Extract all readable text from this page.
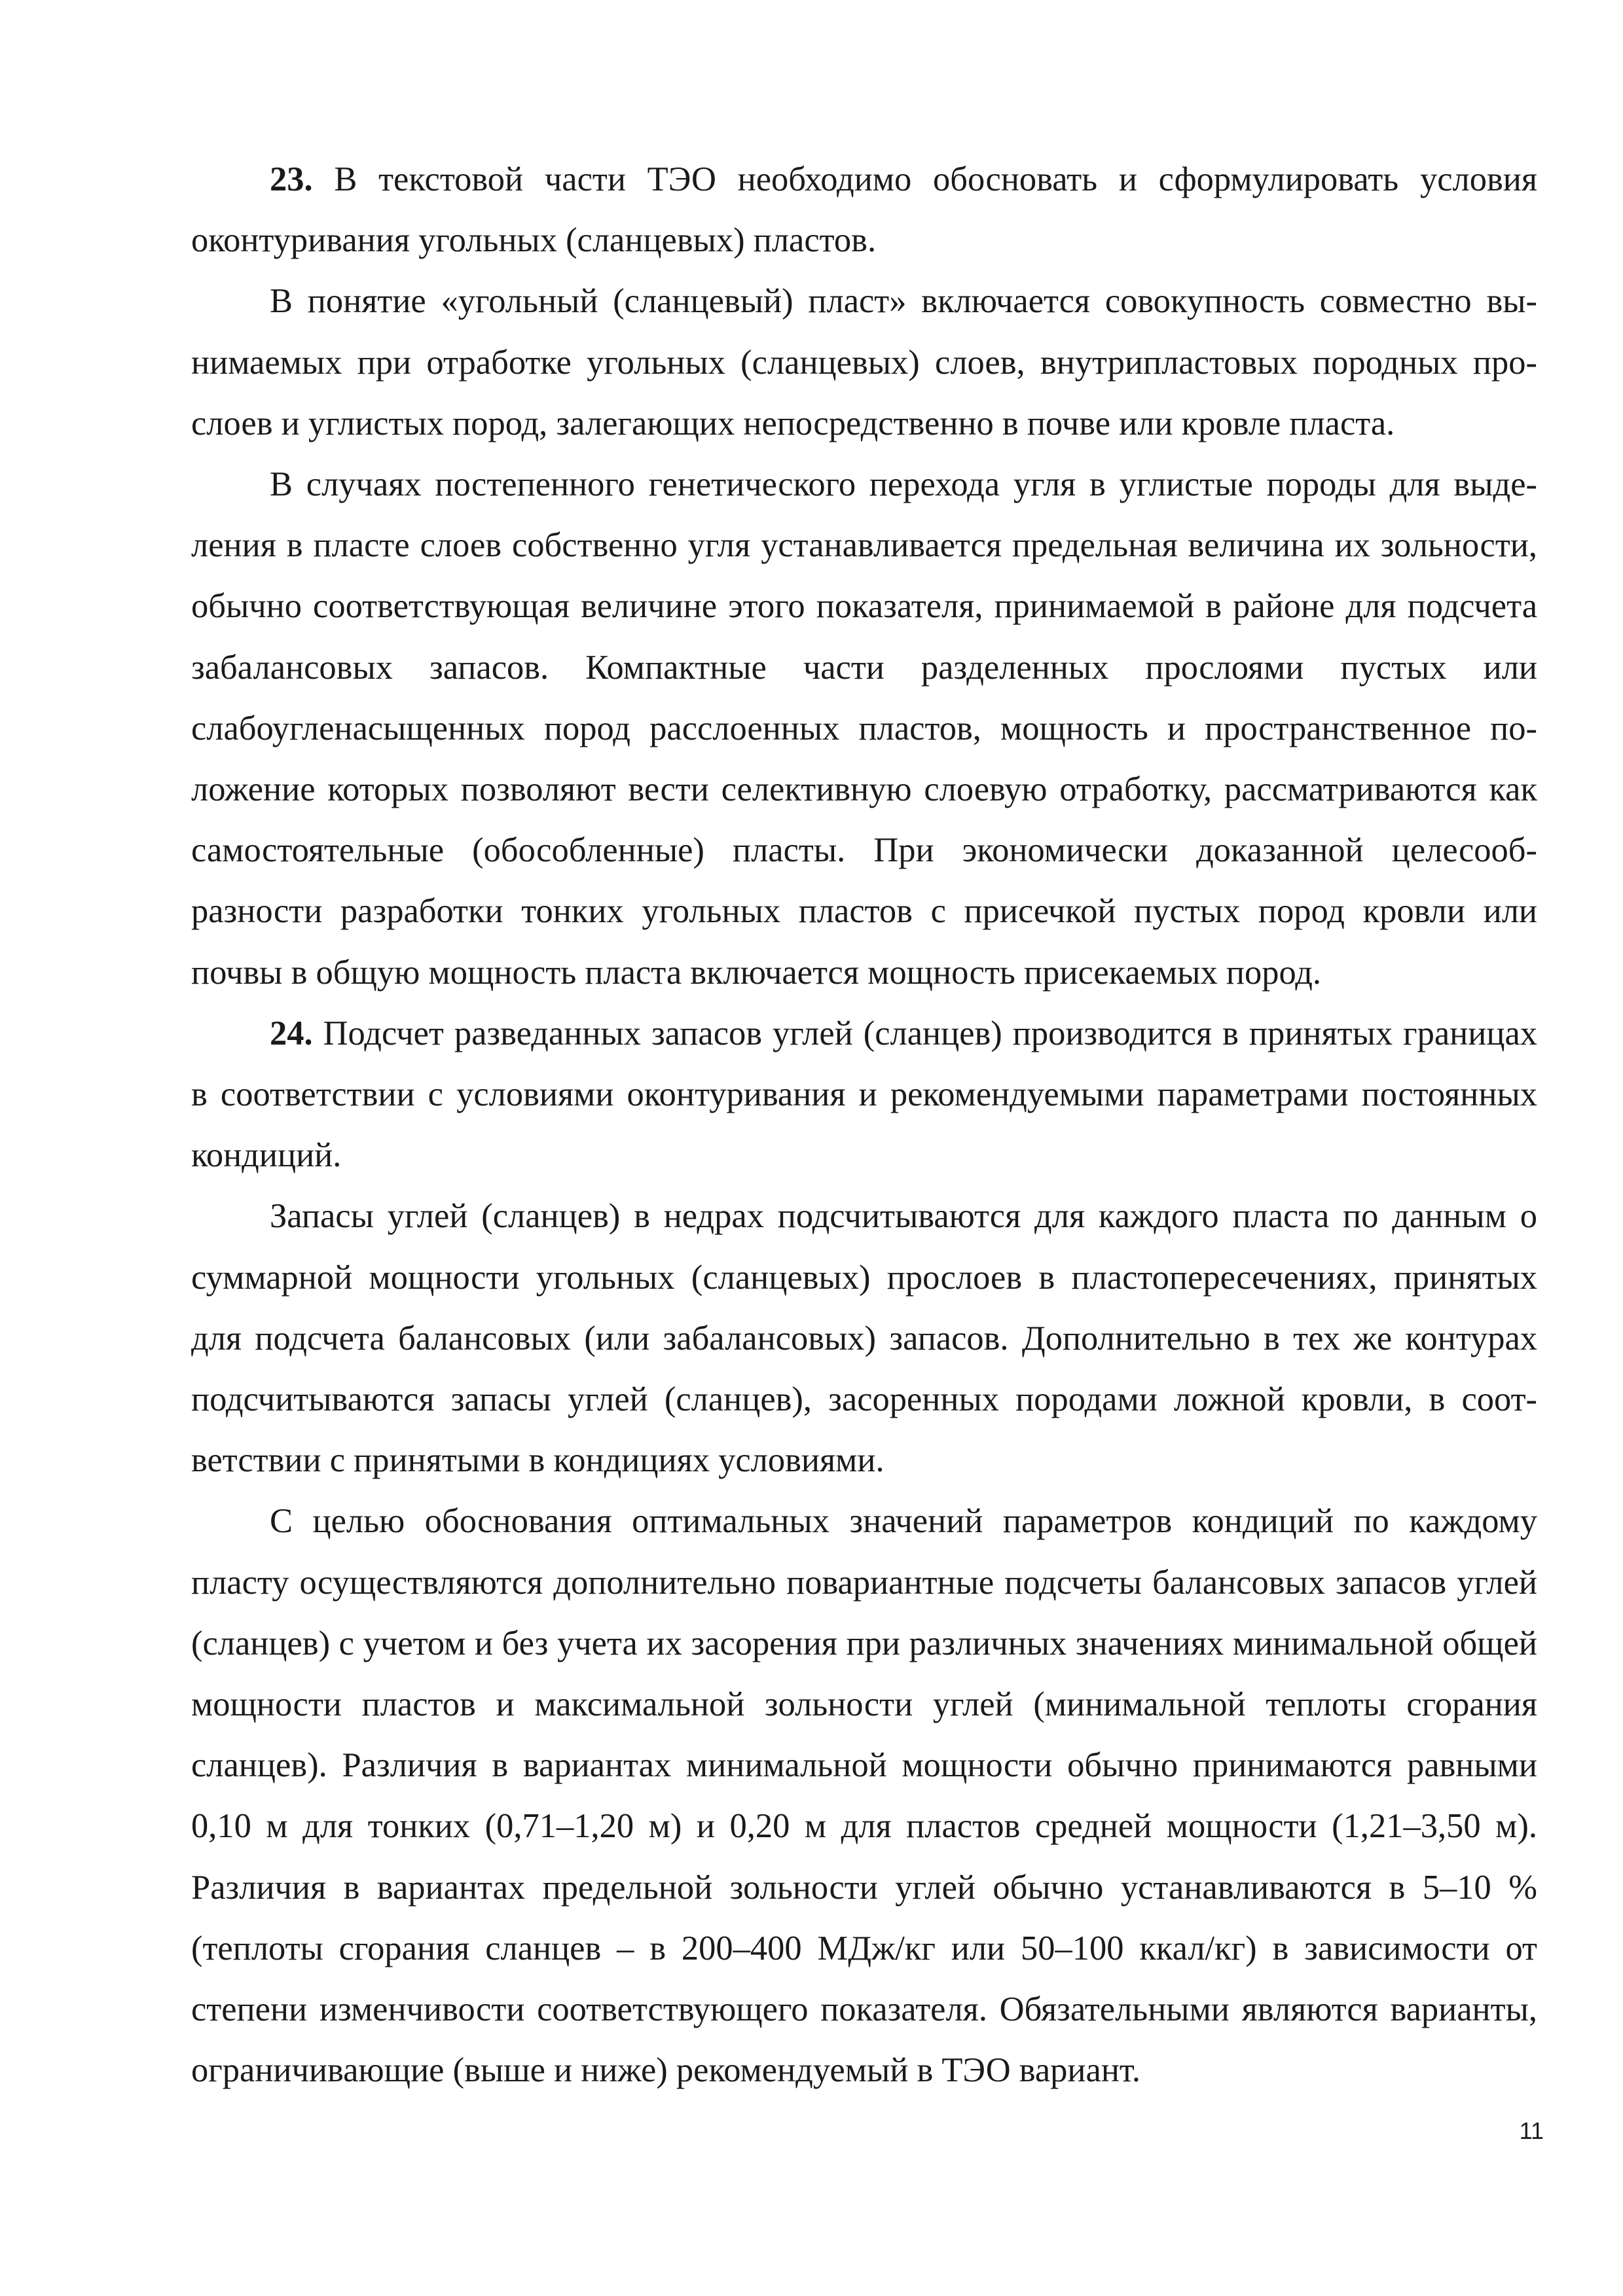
23. В текстовой части ТЭО необходимо обосновать и сформулировать условия оконтуривания угольных (сланцевых) пластов.

В понятие «угольный (сланцевый) пласт» включается совокупность совместно вынимаемых при отработке угольных (сланцевых) слоев, внутрипластовых породных прослоев и углистых пород, залегающих непосредственно в почве или кровле пласта.

В случаях постепенного генетического перехода угля в углистые породы для выделения в пласте слоев собственно угля устанавливается предельная величина их зольности, обычно соответствующая величине этого показателя, принимаемой в районе для подсчета забалансовых запасов. Компактные части разделенных прослоями пустых или слабоугленасыщенных пород расслоенных пластов, мощность и пространственное положение которых позволяют вести селективную слоевую отработку, рассматриваются как самостоятельные (обособленные) пласты. При экономически доказанной целесообразности разработки тонких угольных пластов с присечкой пустых пород кровли или почвы в общую мощность пласта включается мощность присекаемых пород.

24. Подсчет разведанных запасов углей (сланцев) производится в принятых границах в соответствии с условиями оконтуривания и рекомендуемыми параметрами постоянных кондиций.

Запасы углей (сланцев) в недрах подсчитываются для каждого пласта по данным о суммарной мощности угольных (сланцевых) прослоев в пластопересечениях, принятых для подсчета балансовых (или забалансовых) запасов. Дополнительно в тех же контурах подсчитываются запасы углей (сланцев), засоренных породами ложной кровли, в соответствии с принятыми в кондициях условиями.

С целью обоснования оптимальных значений параметров кондиций по каждому пласту осуществляются дополнительно повариантные подсчеты балансовых запасов углей (сланцев) с учетом и без учета их засорения при различных значениях минимальной общей мощности пластов и максимальной зольности углей (минимальной теплоты сгорания сланцев). Различия в вариантах минимальной мощности обычно принимаются равными 0,10 м для тонких (0,71–1,20 м) и 0,20 м для пластов средней мощности (1,21–3,50 м). Различия в вариантах предельной зольности углей обычно устанавливаются в 5–10 % (теплоты сгорания сланцев – в 200–400 МДж/кг или 50–100 ккал/кг) в зависимости от степени изменчивости соответствующего показателя. Обязательными являются варианты, ограничивающие (выше и ниже) рекомендуемый в ТЭО вариант.

11
